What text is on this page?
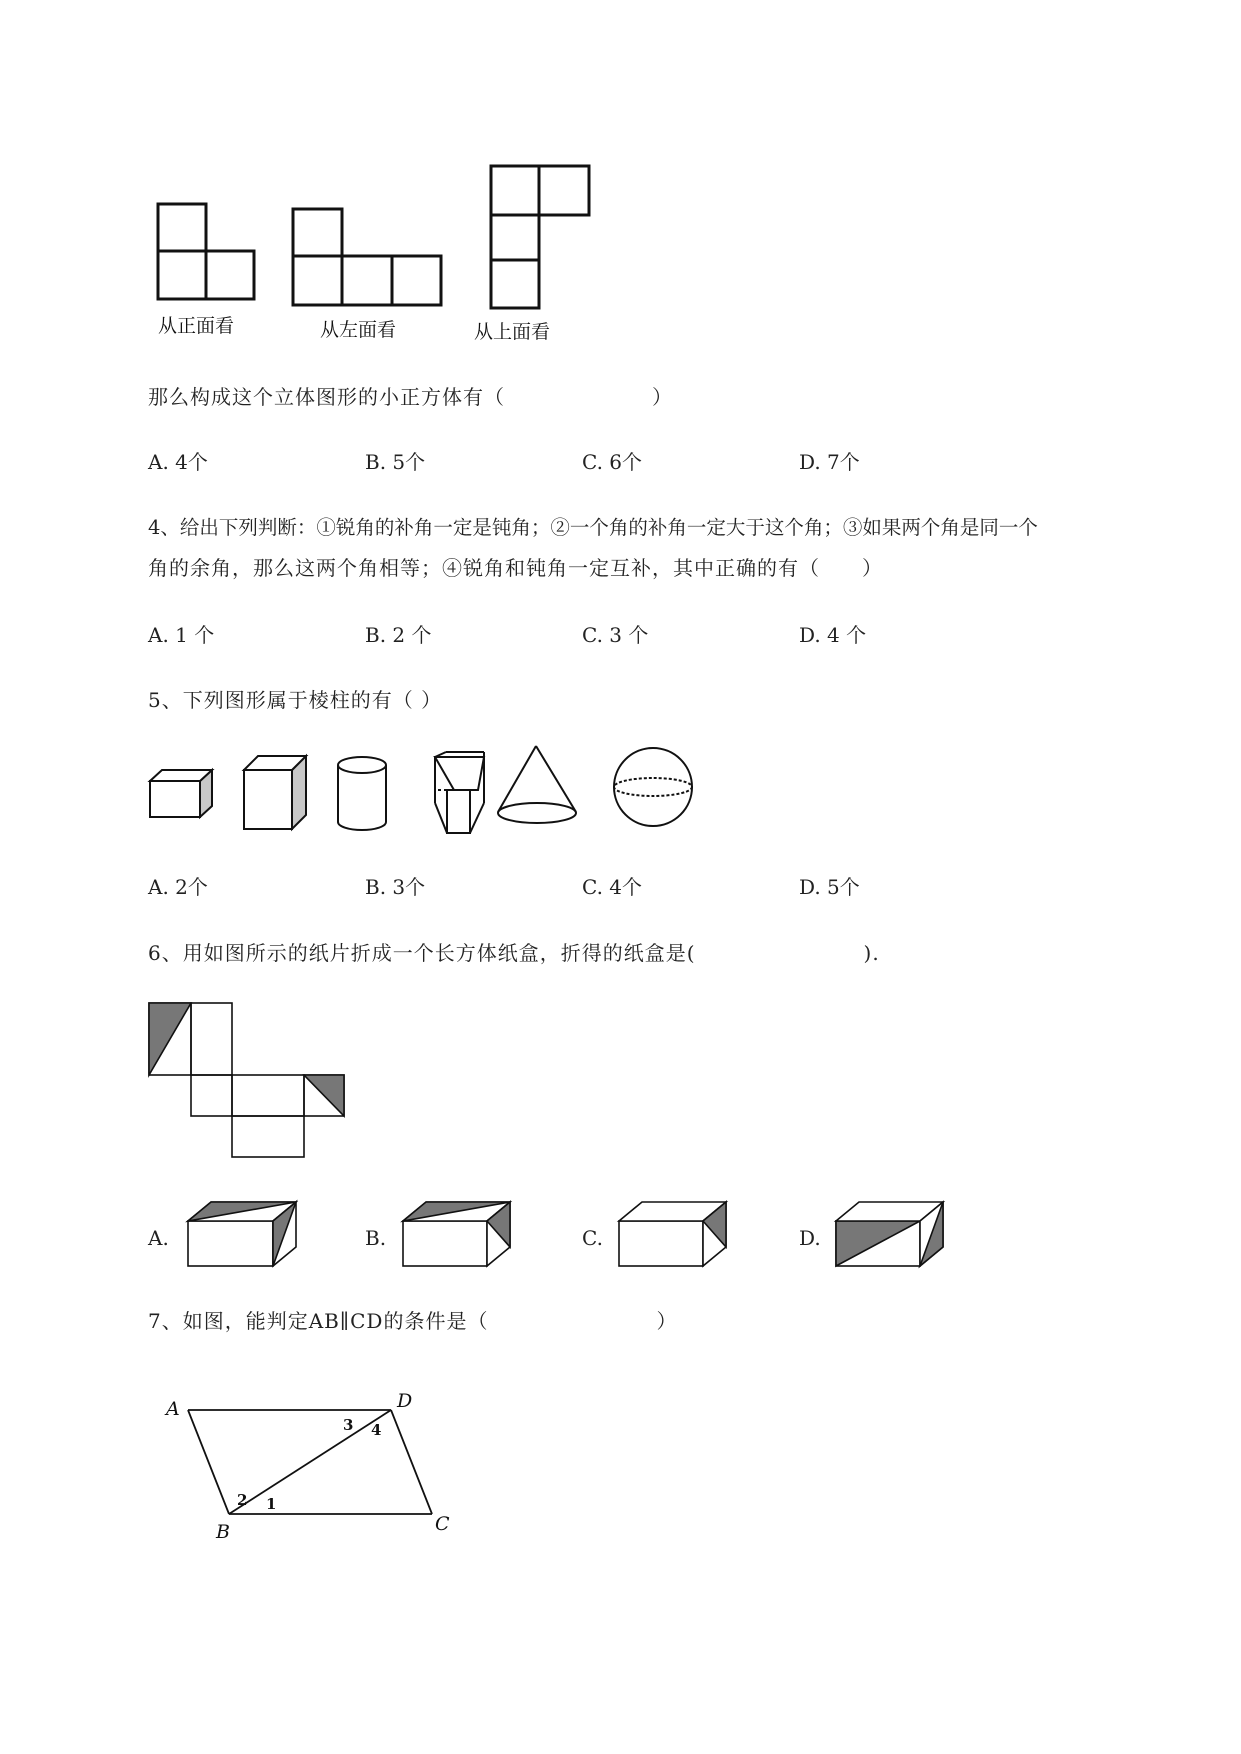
从正面看	从左面看	从上面看
那么构成这个立体图形的小正方体有（　　　　　　　）
A. 4个	B. 5个	C. 6个	D. 7个
4、给出下列判断：①锐角的补角一定是钝角；②一个角的补角一定大于这个角；③如果两个角是同一个
角的余角，那么这两个角相等；④锐角和钝角一定互补，其中正确的有（　　）
A. 1 个	B. 2 个	C. 3 个	D. 4 个
5、下列图形属于棱柱的有（ ）
A. 2个	B. 3个	C. 4个	D. 5个
6、用如图所示的纸片折成一个长方体纸盒，折得的纸盒是(　　　　　　　　).
A.	B.	C.	D.
7、如图，能判定AB∥CD的条件是（　　　　　　　　）
A	D
B	C
3 4
2 1
